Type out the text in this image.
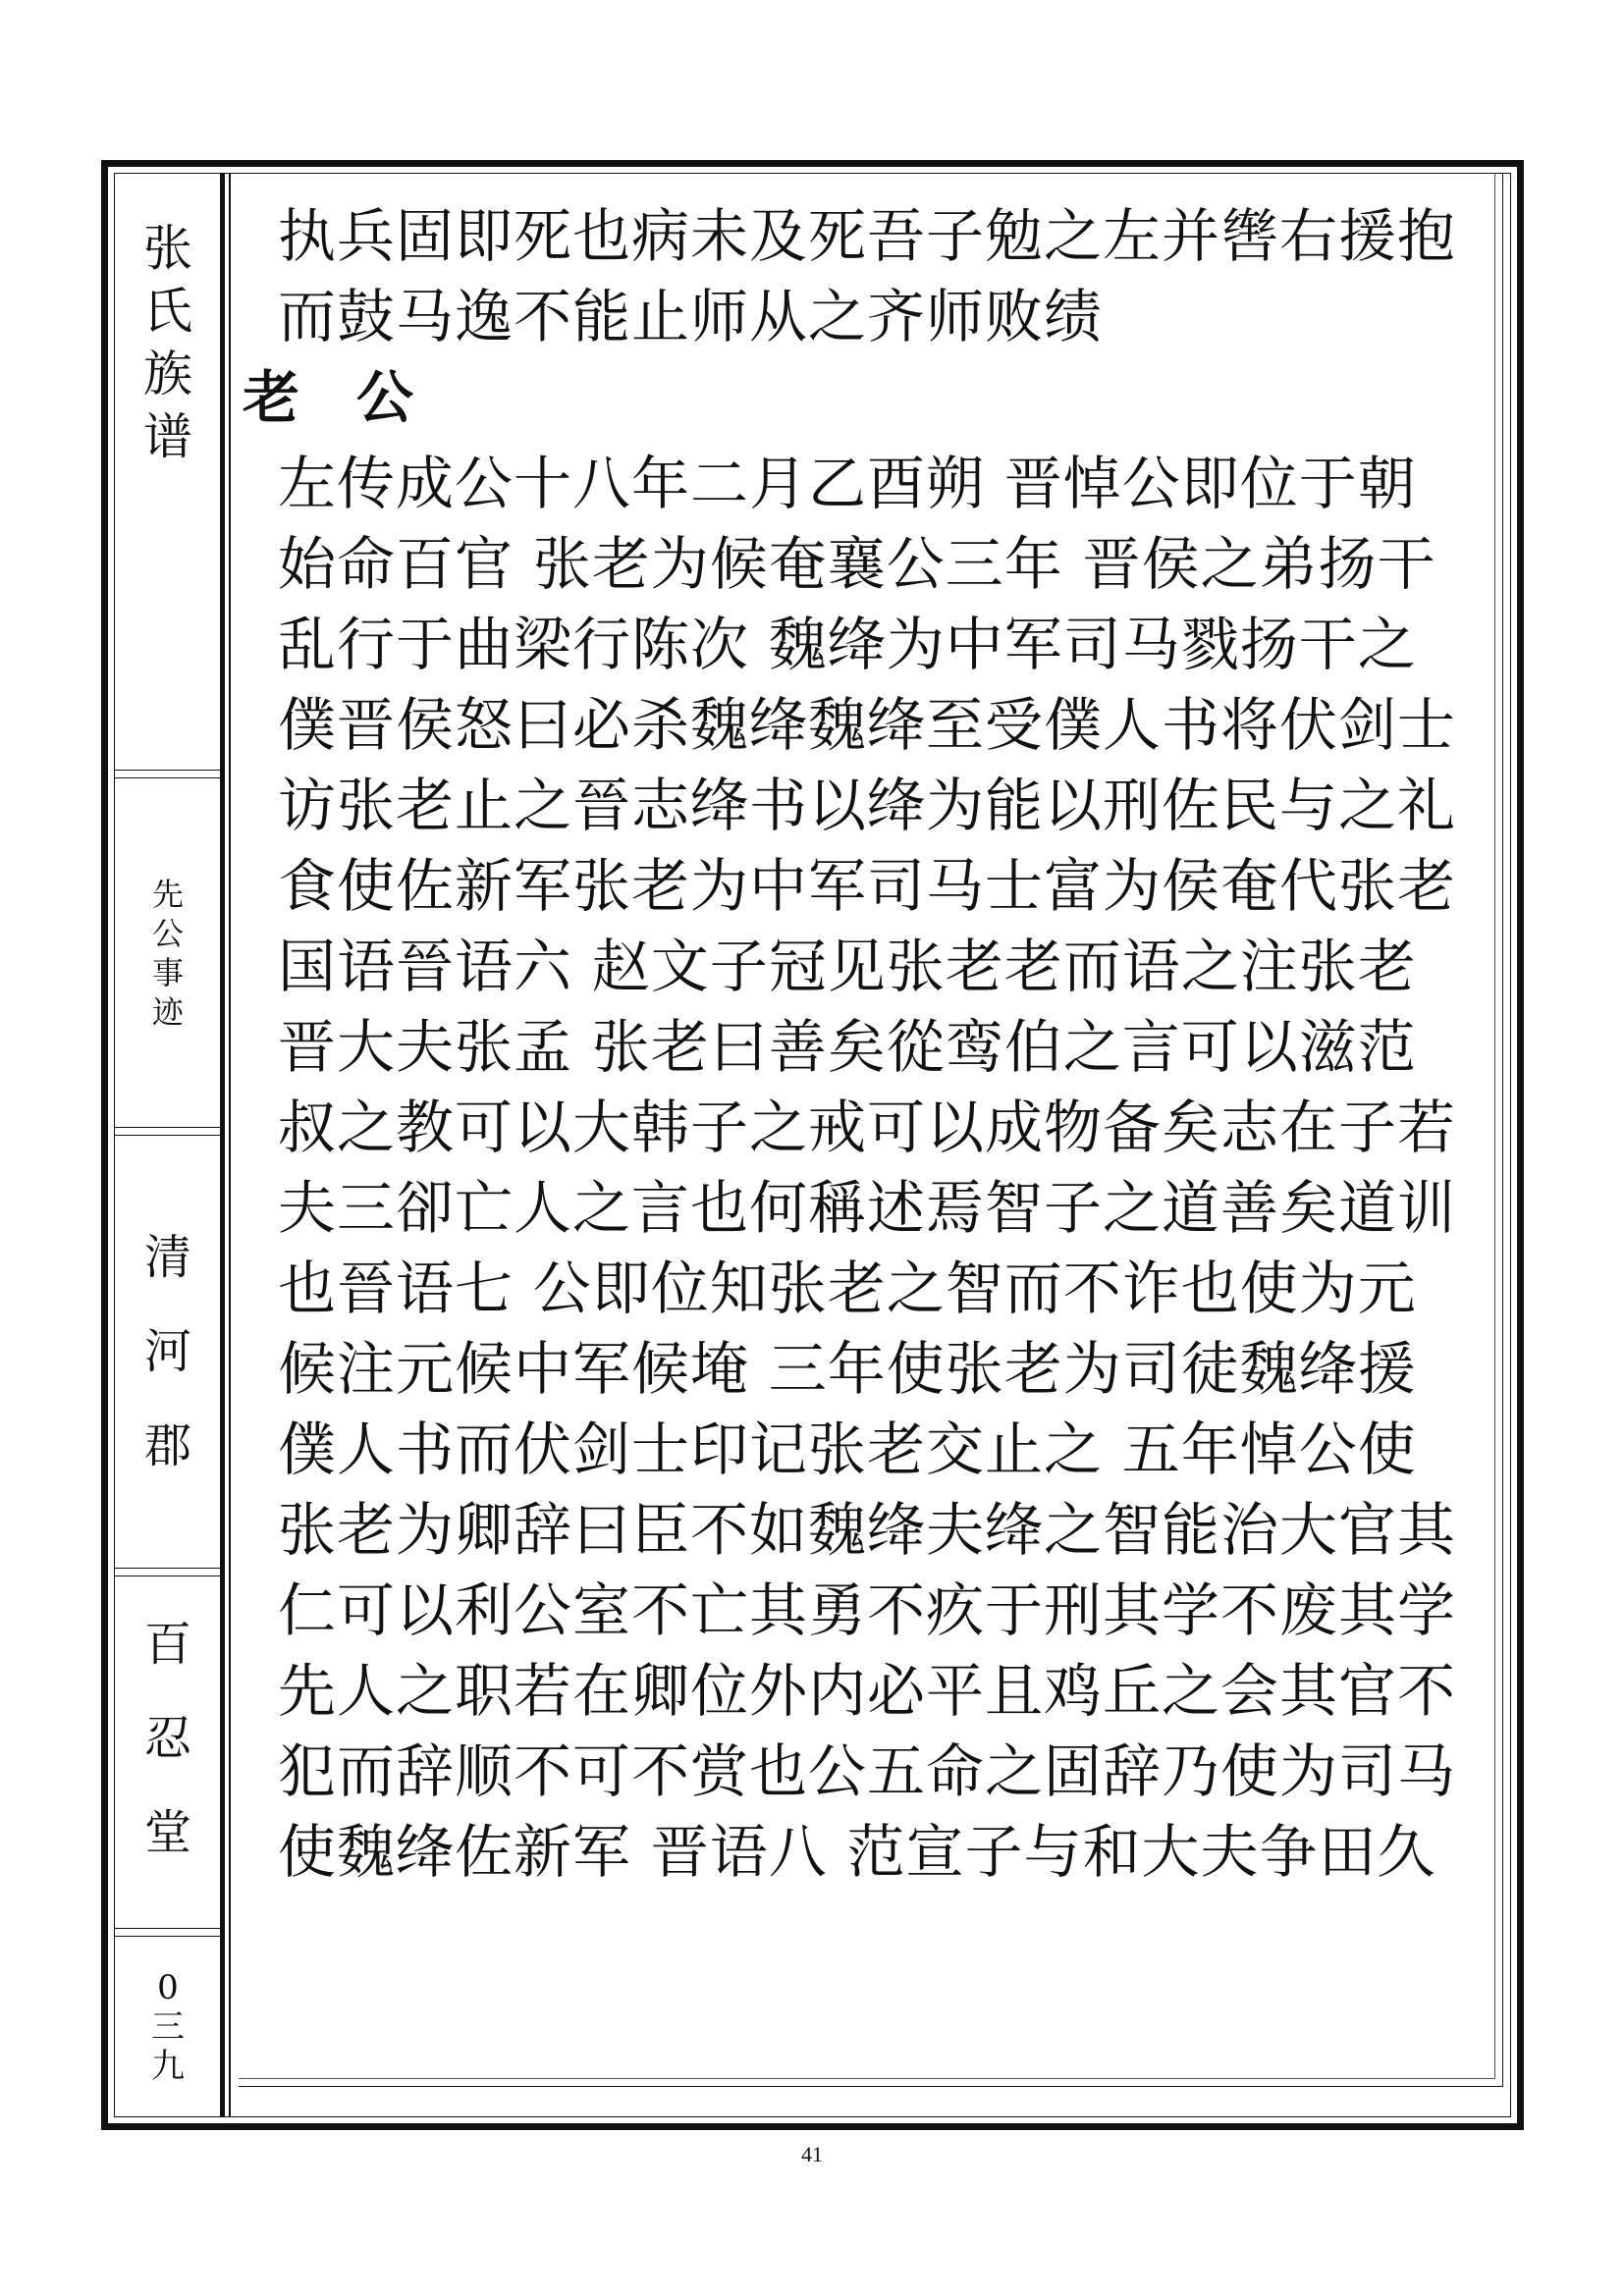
张
氏
族
谱
先
公
事
迹
清
河
郡
百
忍
堂
0
三
九
执兵固即死也病未及死吾子勉之左并辔右援抱
而鼓马逸不能止师从之齐师败绩
老　公
左传成公十八年二月乙酉朔 晋悼公即位于朝
始命百官 张老为候奄襄公三年 晋侯之弟扬干
乱行于曲梁行陈次 魏绛为中军司马戮扬干之
僕晋侯怒曰必杀魏绛魏绛至受僕人书将伏剑士
访张老止之晉志绛书以绛为能以刑佐民与之礼
食使佐新军张老为中军司马士富为侯奄代张老
国语晉语六 赵文子冠见张老老而语之注张老
晋大夫张孟 张老曰善矣從鸾伯之言可以滋范
叔之教可以大韩子之戒可以成物备矣志在子若
夫三卻亡人之言也何稱述焉智子之道善矣道训
也晉语七 公即位知张老之智而不诈也使为元
候注元候中军候埯 三年使张老为司徒魏绛援
僕人书而伏剑士印记张老交止之 五年悼公使
张老为卿辞曰臣不如魏绛夫绛之智能治大官其
仁可以利公室不亡其勇不疚于刑其学不废其学
先人之职若在卿位外内必平且鸡丘之会其官不
犯而辞顺不可不赏也公五命之固辞乃使为司马
使魏绛佐新军 晋语八 范宣子与和大夫争田久
41
